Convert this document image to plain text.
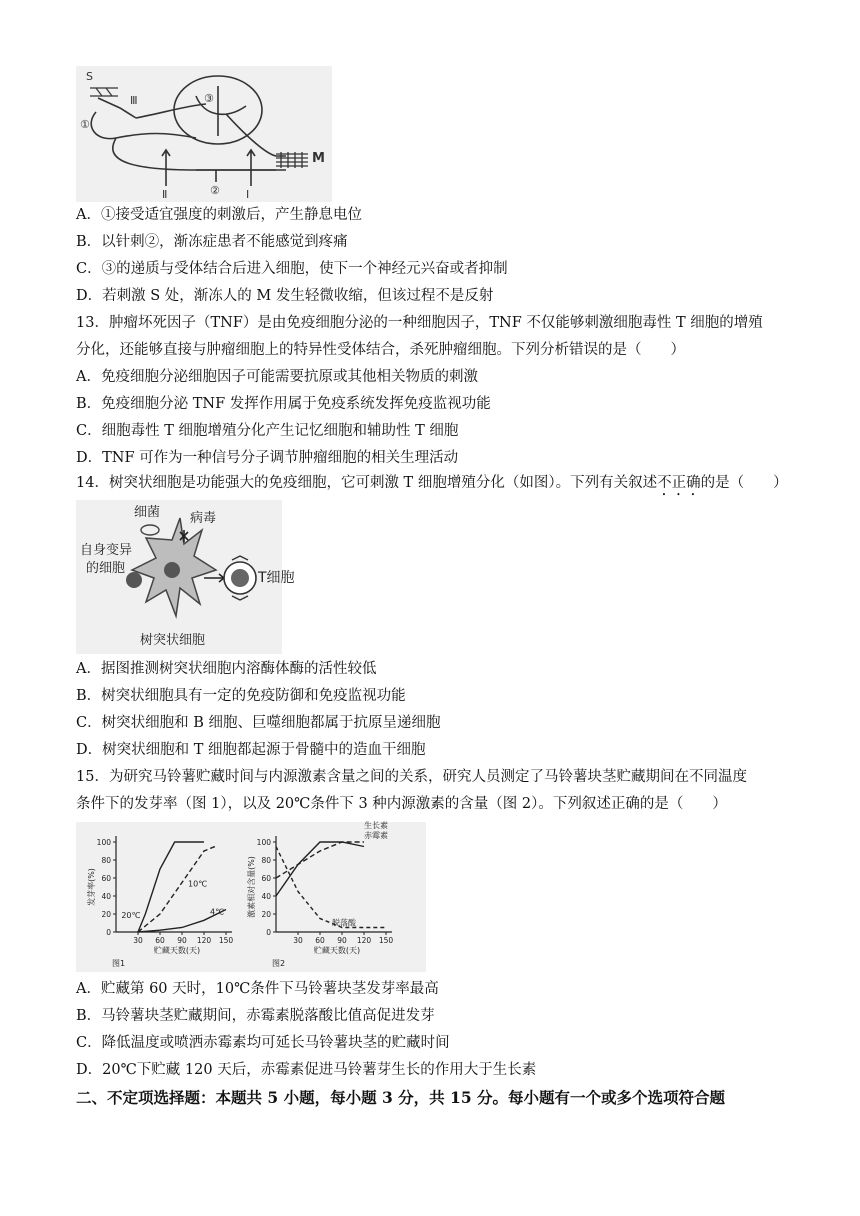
S
Ⅲ
①
③
Ⅱ	② Ⅰ
M
A．①接受适宜强度的刺激后，产生静息电位
B．以针刺②，渐冻症患者不能感觉到疼痛
C．③的递质与受体结合后进入细胞，使下一个神经元兴奋或者抑制
D．若刺激 S 处，渐冻人的 M 发生轻微收缩，但该过程不是反射
13．肿瘤坏死因子（TNF）是由免疫细胞分泌的一种细胞因子，TNF 不仅能够刺激细胞毒性 T 细胞的增殖
分化，还能够直接与肿瘤细胞上的特异性受体结合，杀死肿瘤细胞。下列分析错误的是（　　）
A．免疫细胞分泌细胞因子可能需要抗原或其他相关物质的刺激
B．免疫细胞分泌 TNF 发挥作用属于免疫系统发挥免疫监视功能
C．细胞毒性 T 细胞增殖分化产生记忆细胞和辅助性 T 细胞
D．TNF 可作为一种信号分子调节肿瘤细胞的相关生理活动
14．树突状细胞是功能强大的免疫细胞，它可刺激 T 细胞增殖分化（如图）。下列有关叙述不正确的是（　　）
细菌 病毒
自身变异
的细胞
T细胞
树突状细胞
A．据图推测树突状细胞内溶酶体酶的活性较低
B．树突状细胞具有一定的免疫防御和免疫监视功能
C．树突状细胞和 B 细胞、巨噬细胞都属于抗原呈递细胞
D．树突状细胞和 T 细胞都起源于骨髓中的造血干细胞
15．为研究马铃薯贮藏时间与内源激素含量之间的关系，研究人员测定了马铃薯块茎贮藏期间在不同温度
条件下的发芽率（图 1），以及 20℃条件下 3 种内源激素的含量（图 2）。下列叙述正确的是（　　）
0
20
40
60
80
100
30 60 90 120 150
贮藏天数(天)
发芽率(%)
图1
20℃
10℃
4℃
0
20
40
60
80
100
30 60 90 120 150
贮藏天数(天)
激素相对含量(%)
图2
生长素
赤霉素
脱落酸
A．贮藏第 60 天时，10℃条件下马铃薯块茎发芽率最高
B．马铃薯块茎贮藏期间，赤霉素脱落酸比值高促进发芽
C．降低温度或喷洒赤霉素均可延长马铃薯块茎的贮藏时间
D．20℃下贮藏 120 天后，赤霉素促进马铃薯芽生长的作用大于生长素
二、不定项选择题：本题共 5 小题，每小题 3 分，共 15 分。每小题有一个或多个选项符合题
